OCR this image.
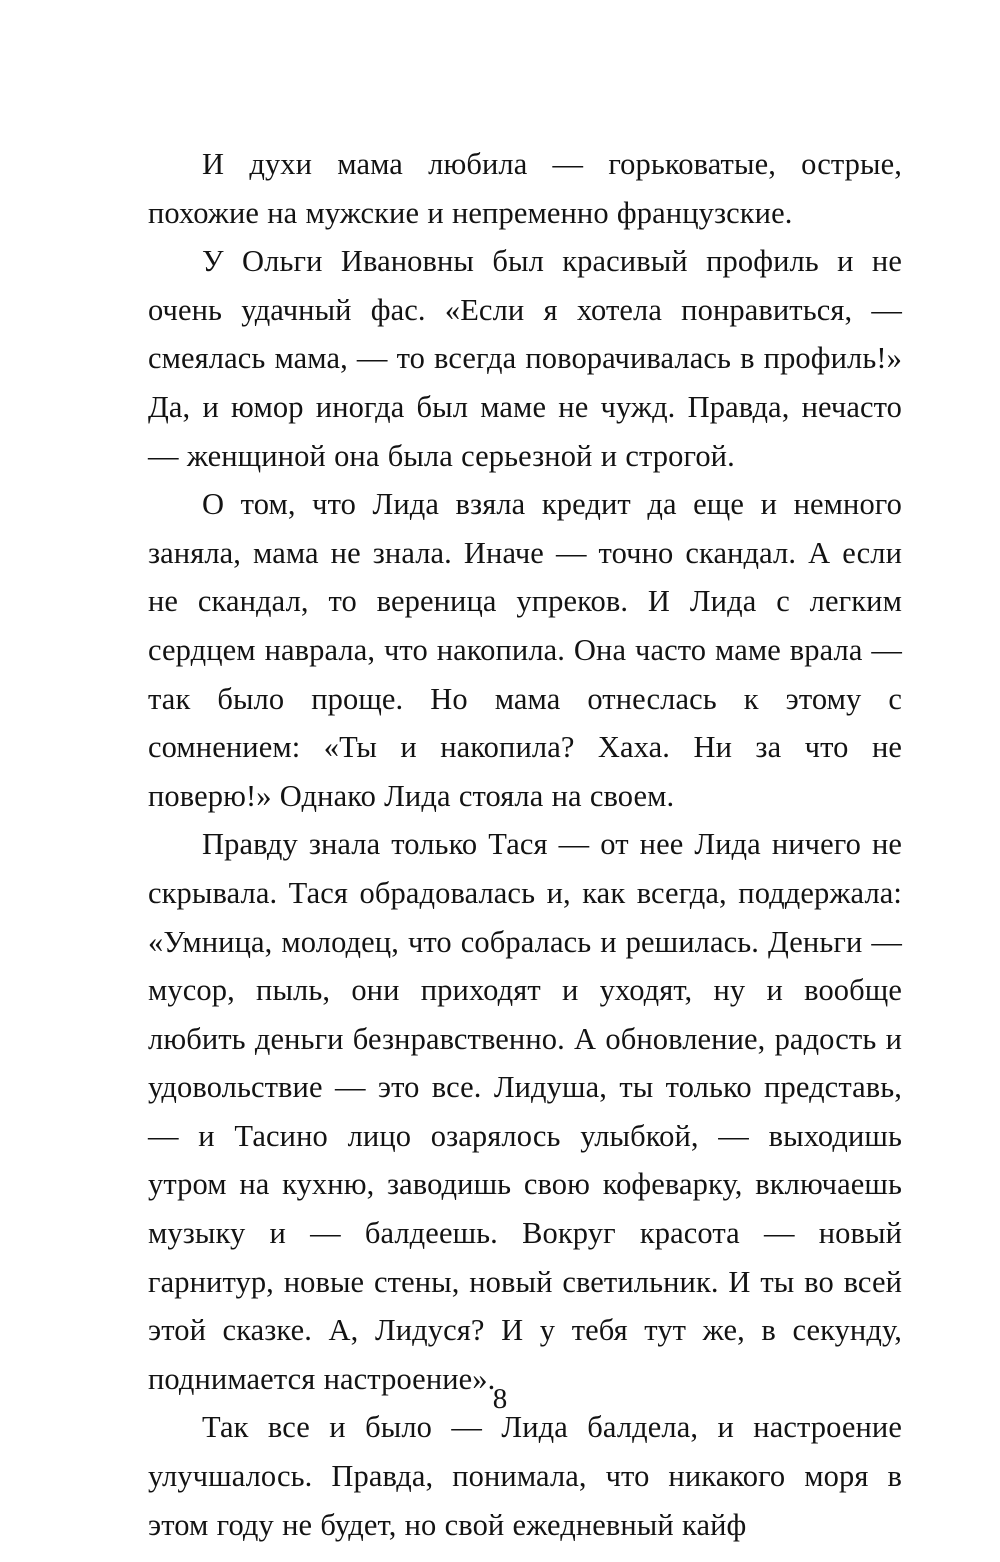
И духи мама любила — горьковатые, острые, похожие на мужские и непременно французские.

У Ольги Ивановны был красивый профиль и не очень удачный фас. «Если я хотела понравиться, — смеялась мама, — то всегда поворачивалась в профиль!» Да, и юмор иногда был маме не чужд. Правда, нечасто — женщиной она была серьезной и строгой.

О том, что Лида взяла кредит да еще и немного заняла, мама не знала. Иначе — точно скандал. А если не скандал, то вереница упреков. И Лида с легким сердцем наврала, что накопила. Она часто маме врала — так было проще. Но мама отнеслась к этому с сомнением: «Ты и накопила? Хаха. Ни за что не поверю!» Однако Лида стояла на своем.

Правду знала только Тася — от нее Лида ничего не скрывала. Тася обрадовалась и, как всегда, поддержала: «Умница, молодец, что собралась и решилась. Деньги — мусор, пыль, они приходят и уходят, ну и вообще любить деньги безнравственно. А обновление, радость и удовольствие — это все. Лидуша, ты только представь, — и Тасино лицо озарялось улыбкой, — выходишь утром на кухню, заводишь свою кофеварку, включаешь музыку и — балдеешь. Вокруг красота — новый гарнитур, новые стены, новый светильник. И ты во всей этой сказке. А, Лидуся? И у тебя тут же, в секунду, поднимается настроение».

Так все и было — Лида балдела, и настроение улучшалось. Правда, понимала, что никакого моря в этом году не будет, но свой ежедневный кайф

8
